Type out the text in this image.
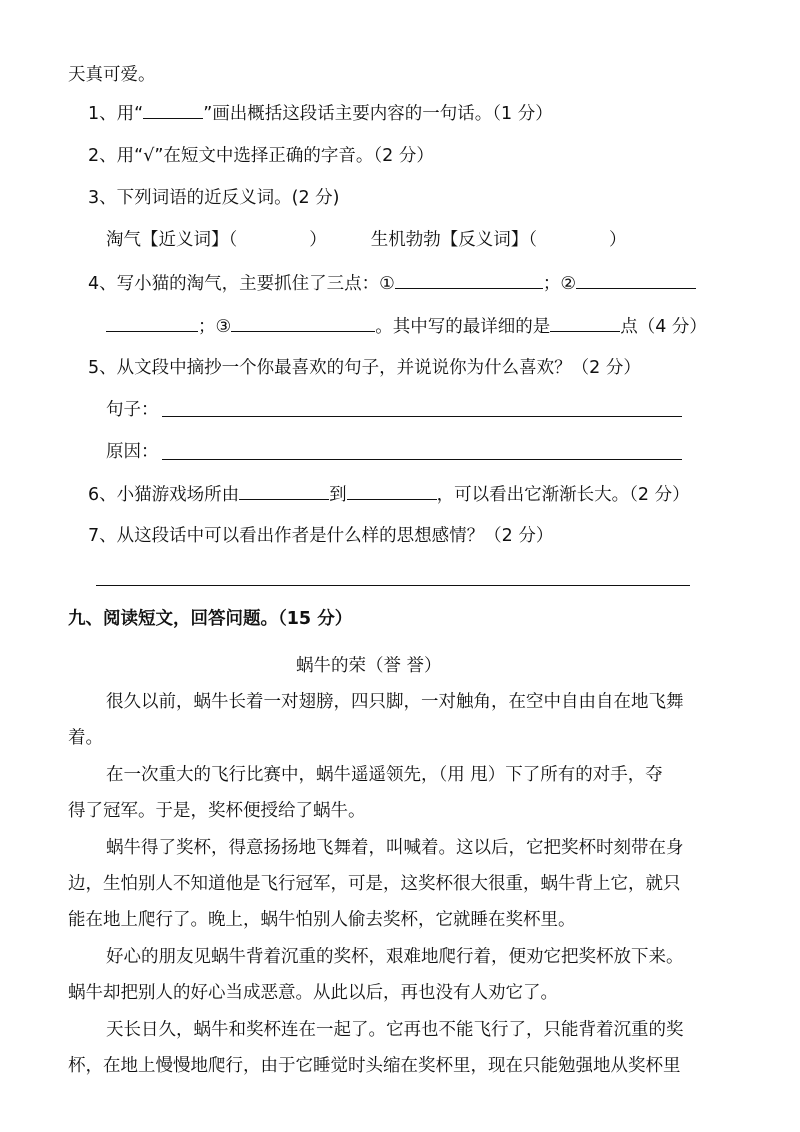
天真可爱。
1、用“	”画出概括这段话主要内容的一句话。（1 分）
2、用“√”在短文中选择正确的字音。（2 分）
3、下列词语的近反义词。(2 分)
淘气【近义词】（	）	生机勃勃【反义词】（	）
4、写小猫的淘气，主要抓住了三点：①	；②
；③	。其中写的最详细的是	点（4 分）
5、从文段中摘抄一个你最喜欢的句子，并说说你为什么喜欢？（2 分）
句子：
原因：
6、小猫游戏场所由	到	，可以看出它渐渐长大。（2 分）
7、从这段话中可以看出作者是什么样的思想感情？（2 分）
九、阅读短文，回答问题。（15 分）
蜗牛的荣（誉 誉）
很久以前，蜗牛长着一对翅膀，四只脚，一对触角，在空中自由自在地飞舞
着。
在一次重大的飞行比赛中，蜗牛遥遥领先，（用 甩）下了所有的对手，夺
得了冠军。于是，奖杯便授给了蜗牛。
蜗牛得了奖杯，得意扬扬地飞舞着，叫喊着。这以后，它把奖杯时刻带在身
边，生怕别人不知道他是飞行冠军，可是，这奖杯很大很重，蜗牛背上它，就只
能在地上爬行了。晚上，蜗牛怕别人偷去奖杯，它就睡在奖杯里。
好心的朋友见蜗牛背着沉重的奖杯，艰难地爬行着，便劝它把奖杯放下来。
蜗牛却把别人的好心当成恶意。从此以后，再也没有人劝它了。
天长日久，蜗牛和奖杯连在一起了。它再也不能飞行了，只能背着沉重的奖
杯，在地上慢慢地爬行，由于它睡觉时头缩在奖杯里，现在只能勉强地从奖杯里
